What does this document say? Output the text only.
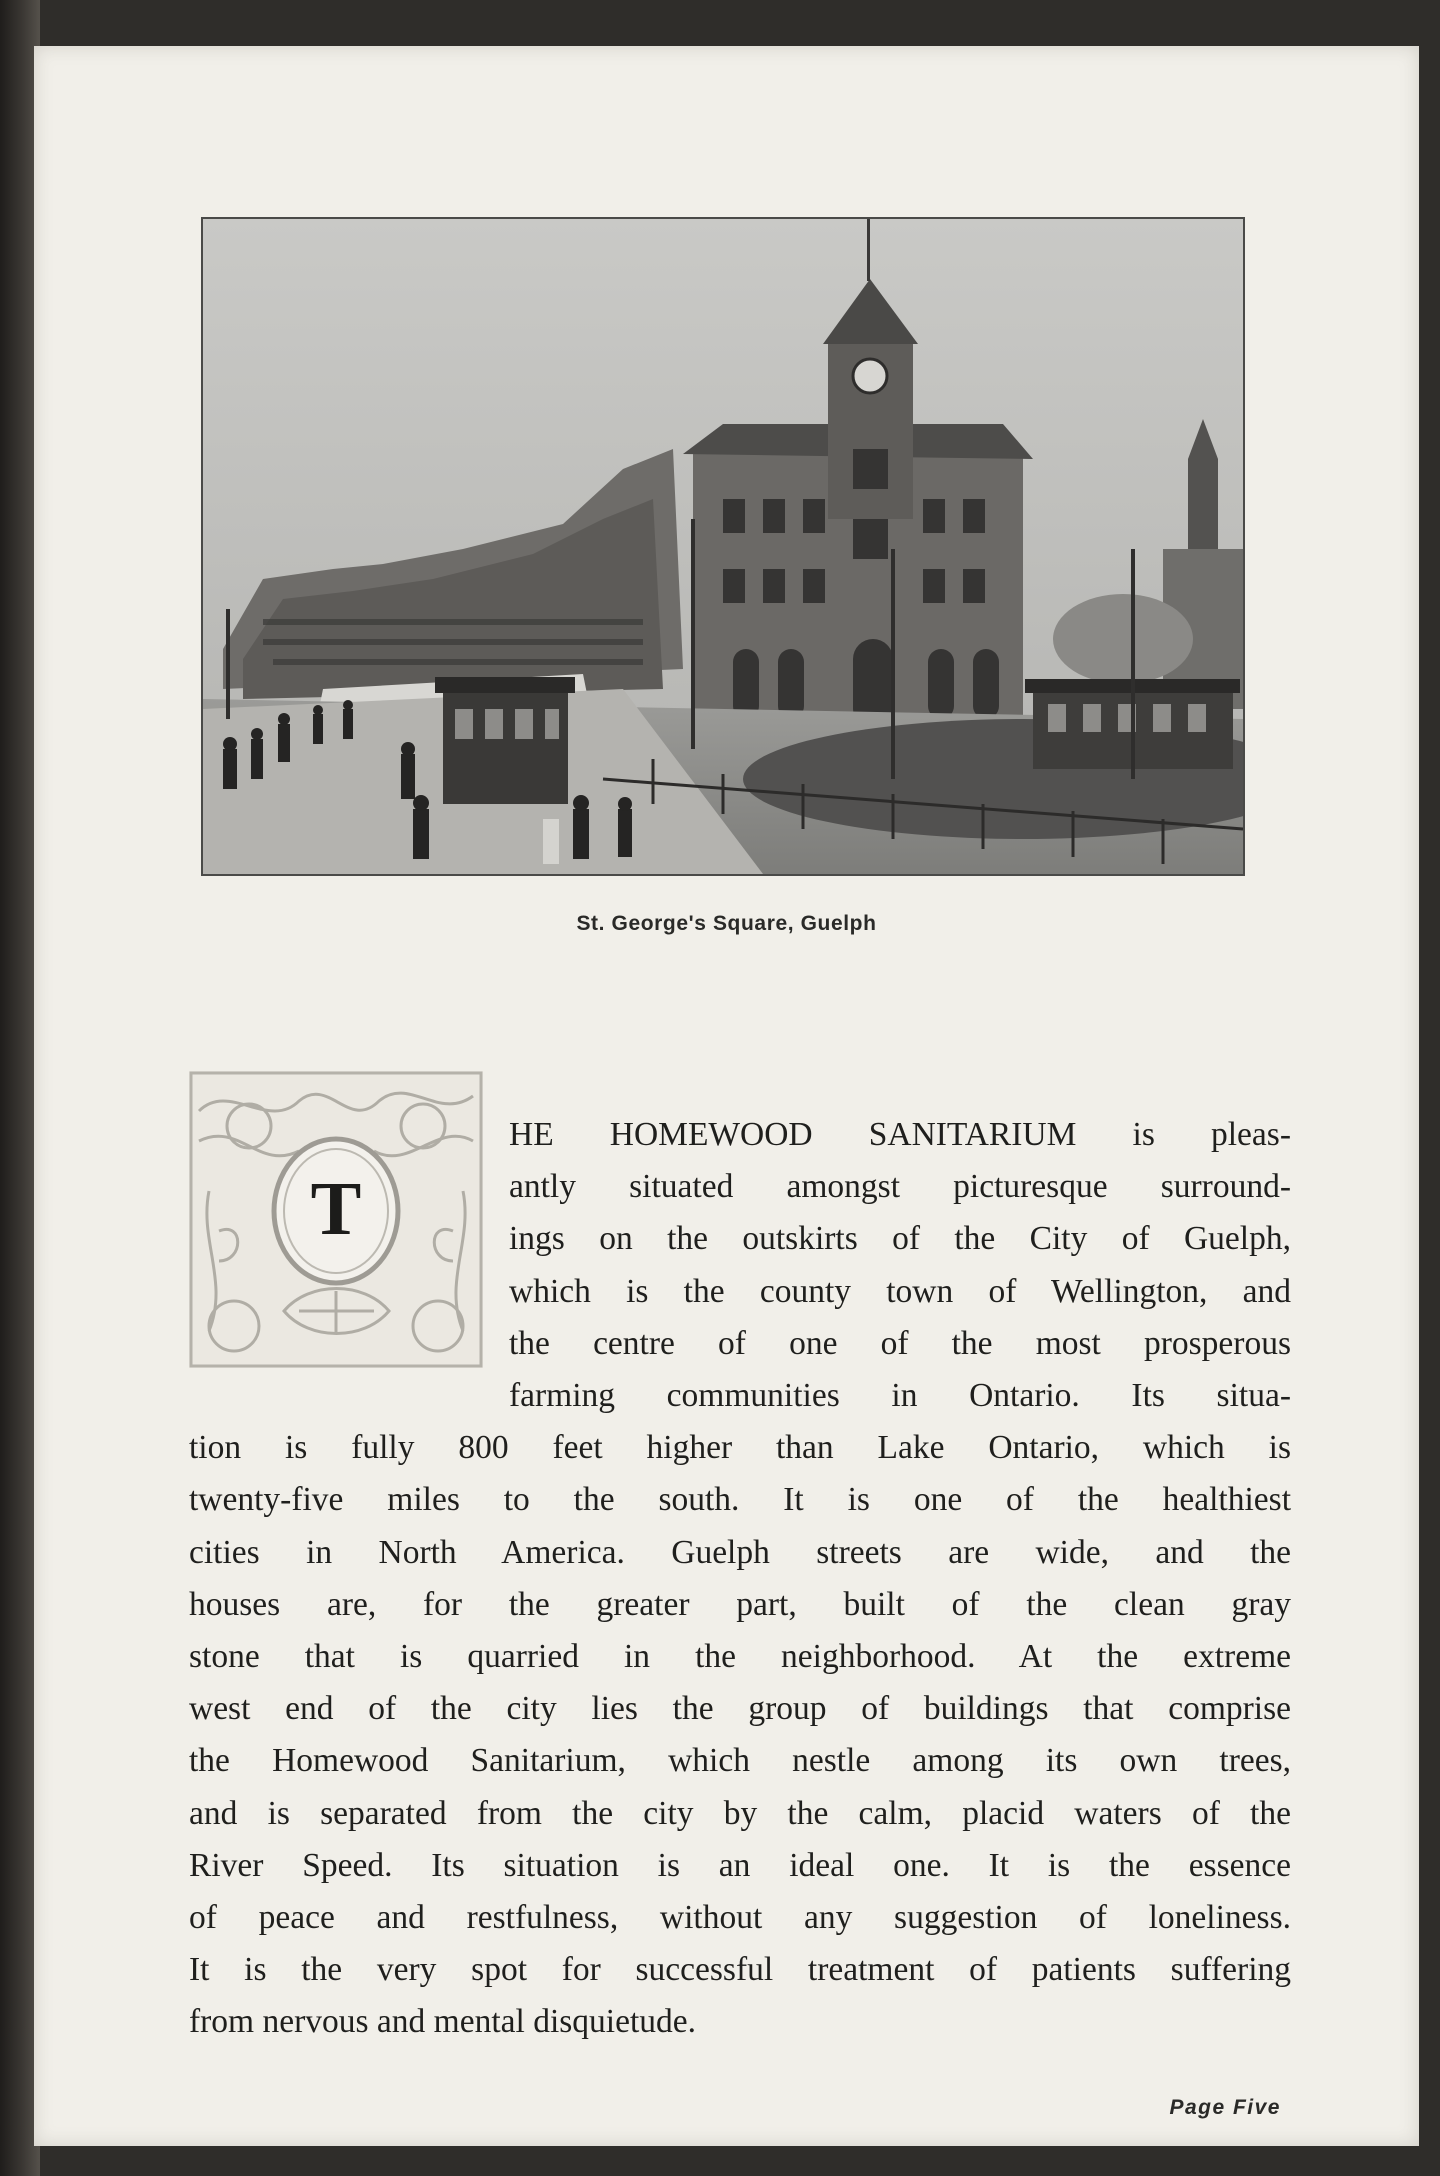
St. George's Square, Guelph
T
HE HOMEWOOD SANITARIUM is pleas-
antly situated amongst picturesque surround-
ings on the outskirts of the City of Guelph,
which is the county town of Wellington, and
the centre of one of the most prosperous
farming communities in Ontario. Its situa-
tion is fully 800 feet higher than Lake Ontario, which is
twenty-five miles to the south. It is one of the healthiest
cities in North America. Guelph streets are wide, and the
houses are, for the greater part, built of the clean gray
stone that is quarried in the neighborhood. At the extreme
west end of the city lies the group of buildings that comprise
the Homewood Sanitarium, which nestle among its own trees,
and is separated from the city by the calm, placid waters of the
River Speed. Its situation is an ideal one. It is the essence
of peace and restfulness, without any suggestion of loneliness.
It is the very spot for successful treatment of patients suffering
from nervous and mental disquietude.
Page Five
